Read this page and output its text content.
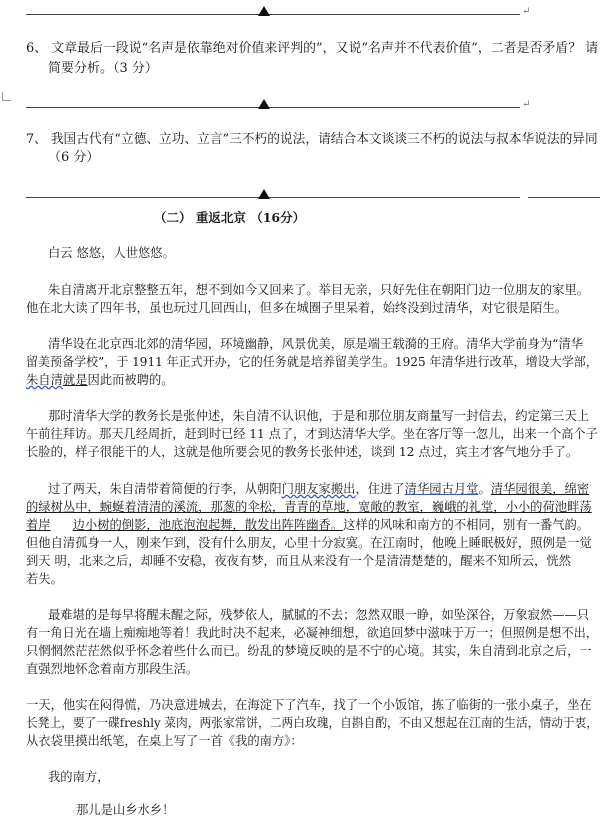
↵
6、 文章最后一段说“名声是依靠绝对价值来评判的”，又说“名声并不代表价值”，二者是否矛盾？ 请
简要分析。（3 分）
↵
7、 我国古代有“立德、立功、立言”三不朽的说法，请结合本文谈谈三不朽的说法与叔本华说法的异同
（6 分）
（二） 重返北京 （16分）
白云 悠悠，人世悠悠。
朱自清离开北京整整五年，想不到如今又回来了。举目无亲，只好先住在朝阳门边一位朋友的家里。
他在北大读了四年书，虽也玩过几回西山，但多在城圈子里呆着，始终没到过清华，对它很是陌生。
清华设在北京西北郊的清华园，环境幽静，风景优美，原是端王载漪的王府。清华大学前身为“清华
留美预备学校”，于 1911 年正式开办，它的任务就是培养留美学生。1925 年清华进行改革，增设大学部，
朱自清就是因此而被聘的。
那时清华大学的教务长是张仲述，朱自清不认识他，于是和那位朋友商量写一封信去，约定第三天上
午前往拜访。那天几经周折，赶到时已经 11 点了，才到达清华大学。坐在客厅等一忽儿，出来一个高个子
长脸的，样子很能干的人，这就是他所要会见的教务长张仲述，谈到 12 点过，宾主才客气地分手了。
过了两天，朱自清带着简便的行李，从朝阳门朋友家搬出，住进了清华园古月堂。清华园很美，绵密
的绿树丛中，蜿蜒着清清的溪流，那葱的伞松，青青的草地，宽敞的教室，巍峨的礼堂，小小的荷池畔荡
着岸 边小树的倒影，池底泡泡起舞，散发出阵阵幽香。这样的风味和南方的不相同，别有一番气韵。
但他自清孤身一人，刚来乍到，没有什么朋友，心里十分寂寞。在江南时，他晚上睡眠极好，照例是一觉
到天 明，北来之后，却睡不安稳，夜夜有梦，而且从来没有一个是清清楚楚的，醒来不知所云，恍然
若失。
最难堪的是每早将醒未醒之际，残梦依人，腻腻的不去；忽然双眼一睁，如坠深谷，万象寂然——只
有一角日光在墙上痴痴地等着！我此时决不起来，必凝神细想，欲追回梦中滋味于万一；但照例是想不出，
只惘惘然茫茫然似乎怀念着些什么而已。纷乱的梦境反映的是不宁的心境。其实，朱自清到北京之后，一
直强烈地怀念着南方那段生活。
一天，他实在闷得慌，乃决意进城去，在海淀下了汽车，找了一个小饭馆，拣了临街的一张小桌子，坐在
长凳上，要了一碟freshly 菜肉，两张家常饼，二两白玫瑰，自斟自酌，不由又想起在江南的生活，情动于衷，
从衣袋里摸出纸笔，在桌上写了一首《我的南方》：
我的南方，
那儿是山乡水乡！
